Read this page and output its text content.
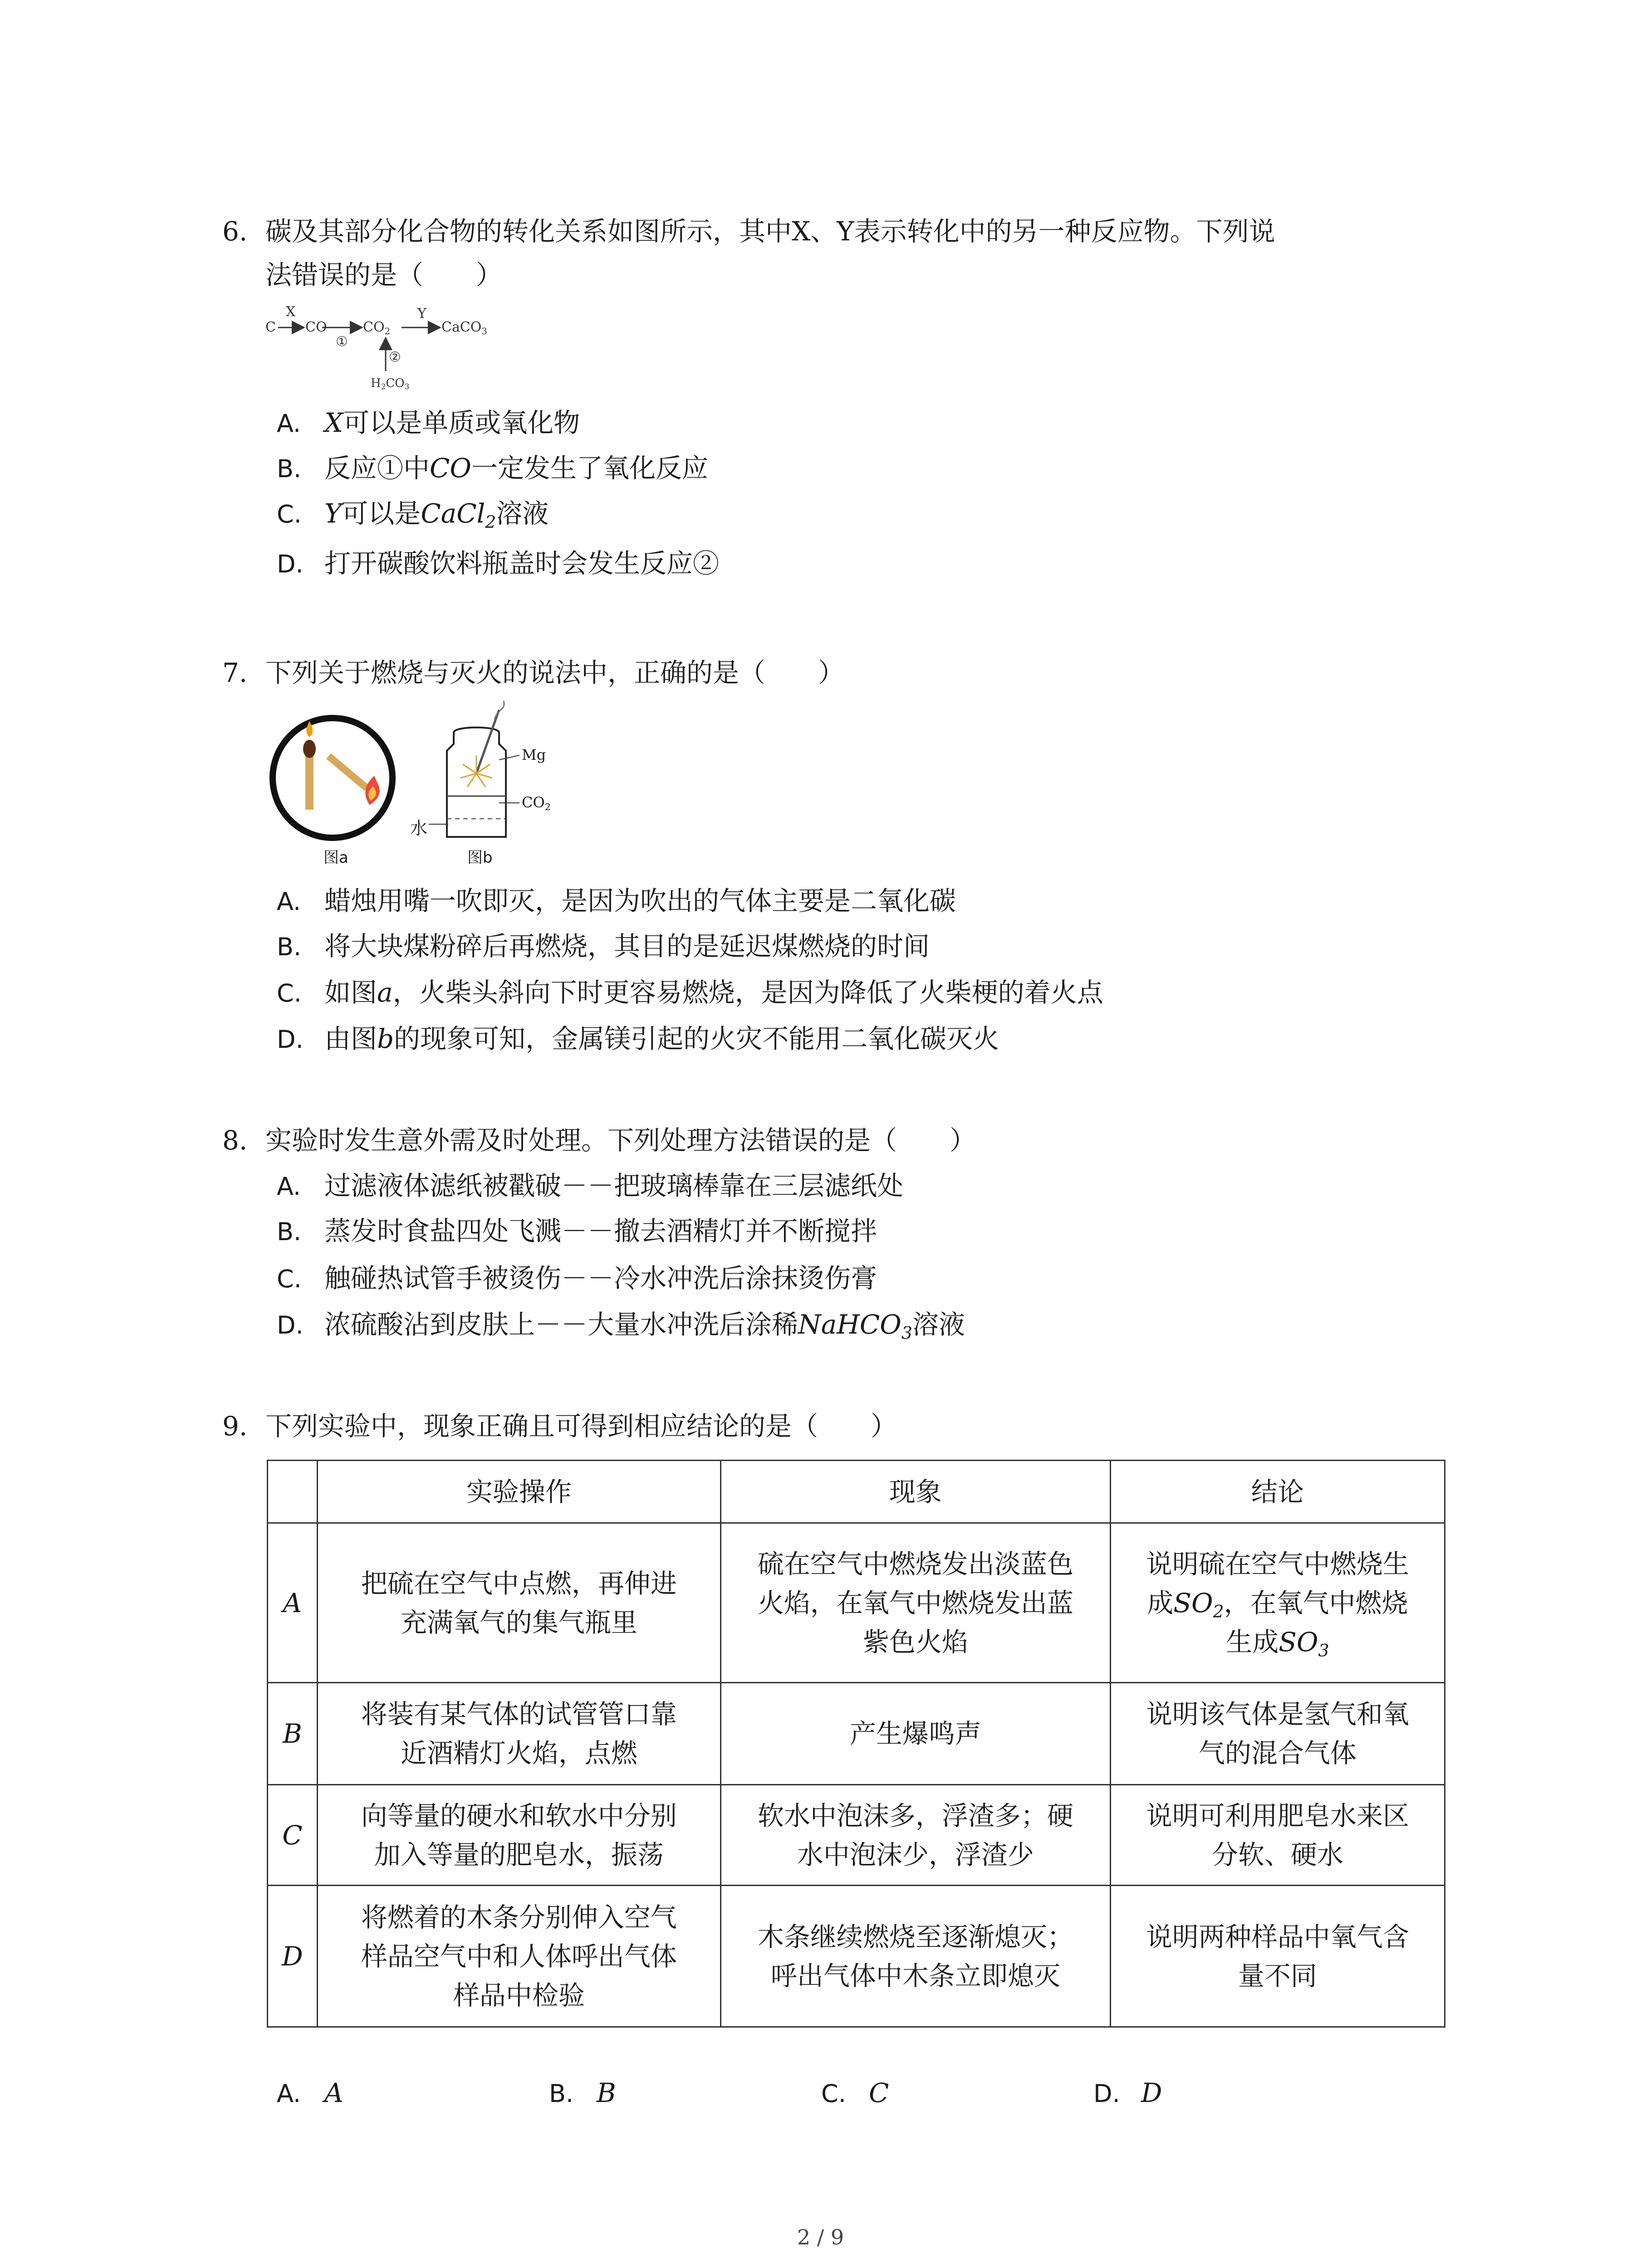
6. 碳及其部分化合物的转化关系如图所示，其中X、Y表示转化中的另一种反应物。下列说
法错误的是（　　）
C
X
CO
①
$CO_2$
Y
CaCO$_3$
②
$H_2CO_3$
A. X可以是单质或氧化物
B. 反应①中CO一定发生了氧化反应
C. Y可以是CaCl$_2$溶液
D. 打开碳酸饮料瓶盖时会发生反应②
7. 下列关于燃烧与灭火的说法中，正确的是（　　）
图a
Mg
$CO_2$
水
图b
A. 蜡烛用嘴一吹即灭，是因为吹出的气体主要是二氧化碳
B. 将大块煤粉碎后再燃烧，其目的是延迟煤燃烧的时间
C. 如图a，火柴头斜向下时更容易燃烧，是因为降低了火柴梗的着火点
D. 由图b的现象可知，金属镁引起的火灾不能用二氧化碳灭火
8. 实验时发生意外需及时处理。下列处理方法错误的是（　　）
A. 过滤液体滤纸被戳破－－把玻璃棒靠在三层滤纸处
B. 蒸发时食盐四处飞溅－－撤去酒精灯并不断搅拌
C. 触碰热试管手被烫伤－－冷水冲洗后涂抹烫伤膏
D. 浓硫酸沾到皮肤上－－大量水冲洗后涂稀NaHCO$_3$溶液
9. 下列实验中，现象正确且可得到相应结论的是（　　）
	实验操作	现象	结论
A	把硫在空气中点燃，再伸进
充满氧气的集气瓶里	硫在空气中燃烧发出淡蓝色
火焰，在氧气中燃烧发出蓝
紫色火焰	说明硫在空气中燃烧生
成$SO_2$，在氧气中燃烧
生成$SO_3$
B	将装有某气体的试管管口靠
近酒精灯火焰，点燃	产生爆鸣声	说明该气体是氢气和氧
气的混合气体
C	向等量的硬水和软水中分别
加入等量的肥皂水，振荡	软水中泡沫多，浮渣多；硬
水中泡沫少，浮渣少	说明可利用肥皂水来区
分软、硬水
D	将燃着的木条分别伸入空气
样品空气中和人体呼出气体
样品中检验	木条继续燃烧至逐渐熄灭；
呼出气体中木条立即熄灭	说明两种样品中氧气含
量不同
A. A	B. B	C. C	D. D
2 / 9
